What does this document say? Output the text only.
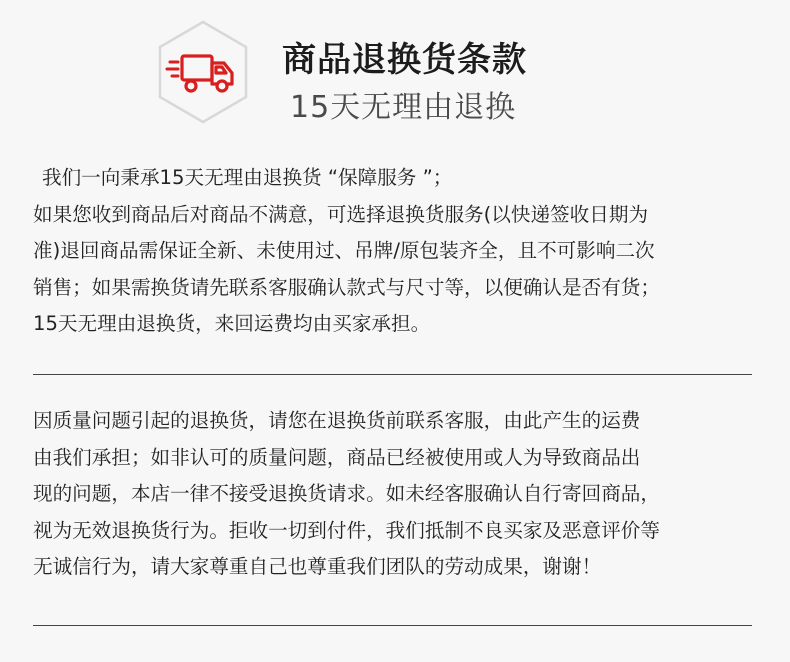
商品退换货条款
15天无理由退换
我们一向秉承15天无理由退换货 “保障服务 ”；
如果您收到商品后对商品不满意，可选择退换货服务(以快递签收日期为
准)退回商品需保证全新、未使用过、吊牌/原包装齐全，且不可影响二次
销售；如果需换货请先联系客服确认款式与尺寸等，以便确认是否有货；
15天无理由退换货，来回运费均由买家承担。
因质量问题引起的退换货，请您在退换货前联系客服，由此产生的运费
由我们承担；如非认可的质量问题，商品已经被使用或人为导致商品出
现的问题，本店一律不接受退换货请求。如未经客服确认自行寄回商品，
视为无效退换货行为。拒收一切到付件，我们抵制不良买家及恶意评价等
无诚信行为，请大家尊重自己也尊重我们团队的劳动成果，谢谢！
